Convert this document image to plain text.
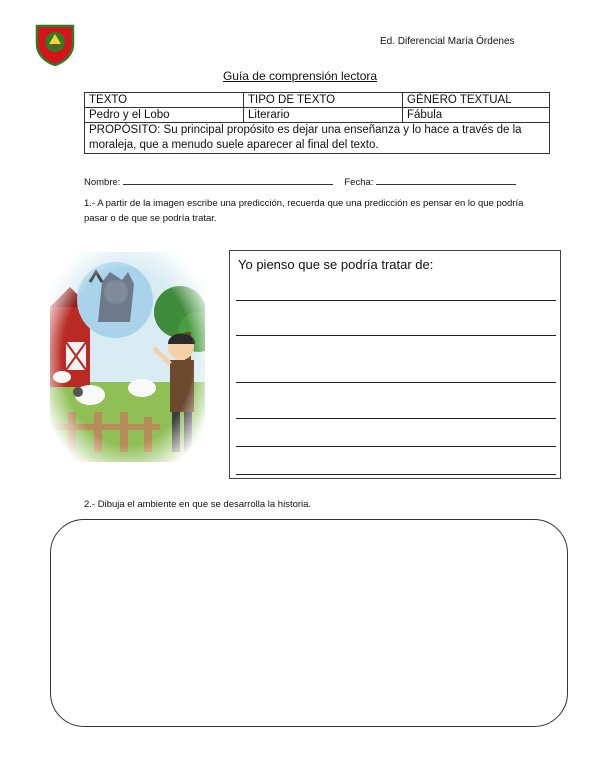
Ed. Diferencial María Órdenes
Guía de comprensión lectora
TEXTO	TIPO DE TEXTO	GÉNERO TEXTUAL
Pedro y el Lobo	Literario	Fábula
PROPÓSITO: Su principal propósito es dejar una enseñanza y lo hace a través de la moraleja, que a menudo suele aparecer al final del texto.		
Nombre:	Fecha:
1.- A partir de la imagen escribe una predicción, recuerda que una predicción es pensar en lo que podría pasar o de que se podría tratar.
Yo pienso que se podría tratar de:
2.- Dibuja el ambiente en que se desarrolla la historia.
